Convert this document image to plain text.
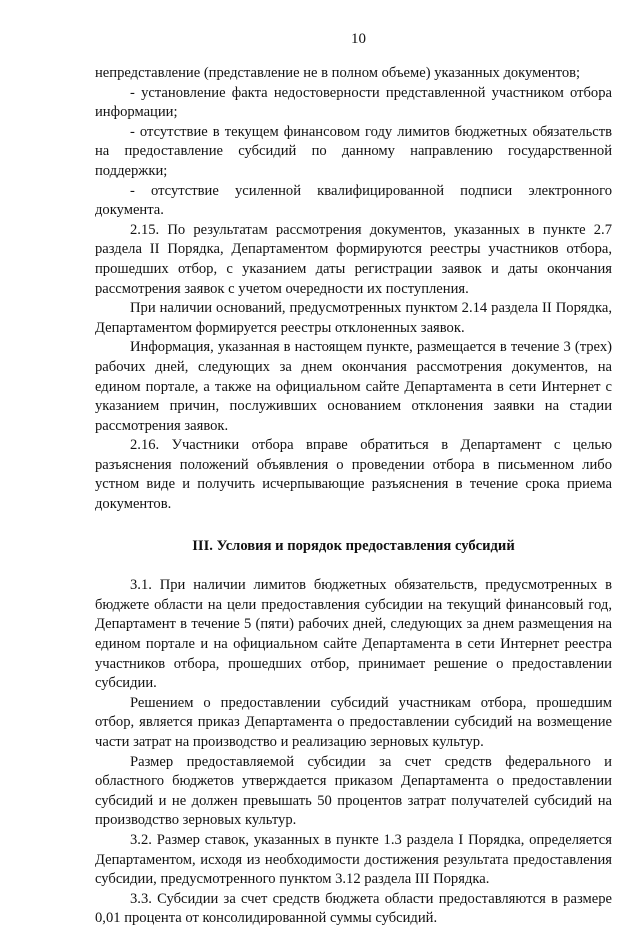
10

непредставление (представление не в полном объеме) указанных документов;

- установление факта недостоверности представленной участником отбора информации;

- отсутствие в текущем финансовом году лимитов бюджетных обязательств на предоставление субсидий по данному направлению государственной поддержки;

- отсутствие усиленной квалифицированной подписи электронного документа.

2.15. По результатам рассмотрения документов, указанных в пункте 2.7 раздела II Порядка, Департаментом формируются реестры участников отбора, прошедших отбор, с указанием даты регистрации заявок и даты окончания рассмотрения заявок с учетом очередности их поступления.

При наличии оснований, предусмотренных пунктом 2.14 раздела II Порядка, Департаментом формируется реестры отклоненных заявок.

Информация, указанная в настоящем пункте, размещается в течение 3 (трех) рабочих дней, следующих за днем окончания рассмотрения документов, на едином портале, а также на официальном сайте Департамента в сети Интернет с указанием причин, послуживших основанием отклонения заявки на стадии рассмотрения заявок.

2.16. Участники отбора вправе обратиться в Департамент с целью разъяснения положений объявления о проведении отбора в письменном либо устном виде и получить исчерпывающие разъяснения в течение срока приема документов.

III. Условия и порядок предоставления субсидий

3.1. При наличии лимитов бюджетных обязательств, предусмотренных в бюджете области на цели предоставления субсидии на текущий финансовый год, Департамент в течение 5 (пяти) рабочих дней, следующих за днем размещения на едином портале и на официальном сайте Департамента в сети Интернет реестра участников отбора, прошедших отбор, принимает решение о предоставлении субсидии.

Решением о предоставлении субсидий участникам отбора, прошедшим отбор, является приказ Департамента о предоставлении субсидий на возмещение части затрат на производство и реализацию зерновых культур.

Размер предоставляемой субсидии за счет средств федерального и областного бюджетов утверждается приказом Департамента о предоставлении субсидий и не должен превышать 50 процентов затрат получателей субсидий на производство зерновых культур.

3.2. Размер ставок, указанных в пункте 1.3 раздела I Порядка, определяется Департаментом, исходя из необходимости достижения результата предоставления субсидии, предусмотренного пунктом 3.12 раздела III Порядка.

3.3. Субсидии за счет средств бюджета области предоставляются в размере 0,01 процента от консолидированной суммы субсидий.
